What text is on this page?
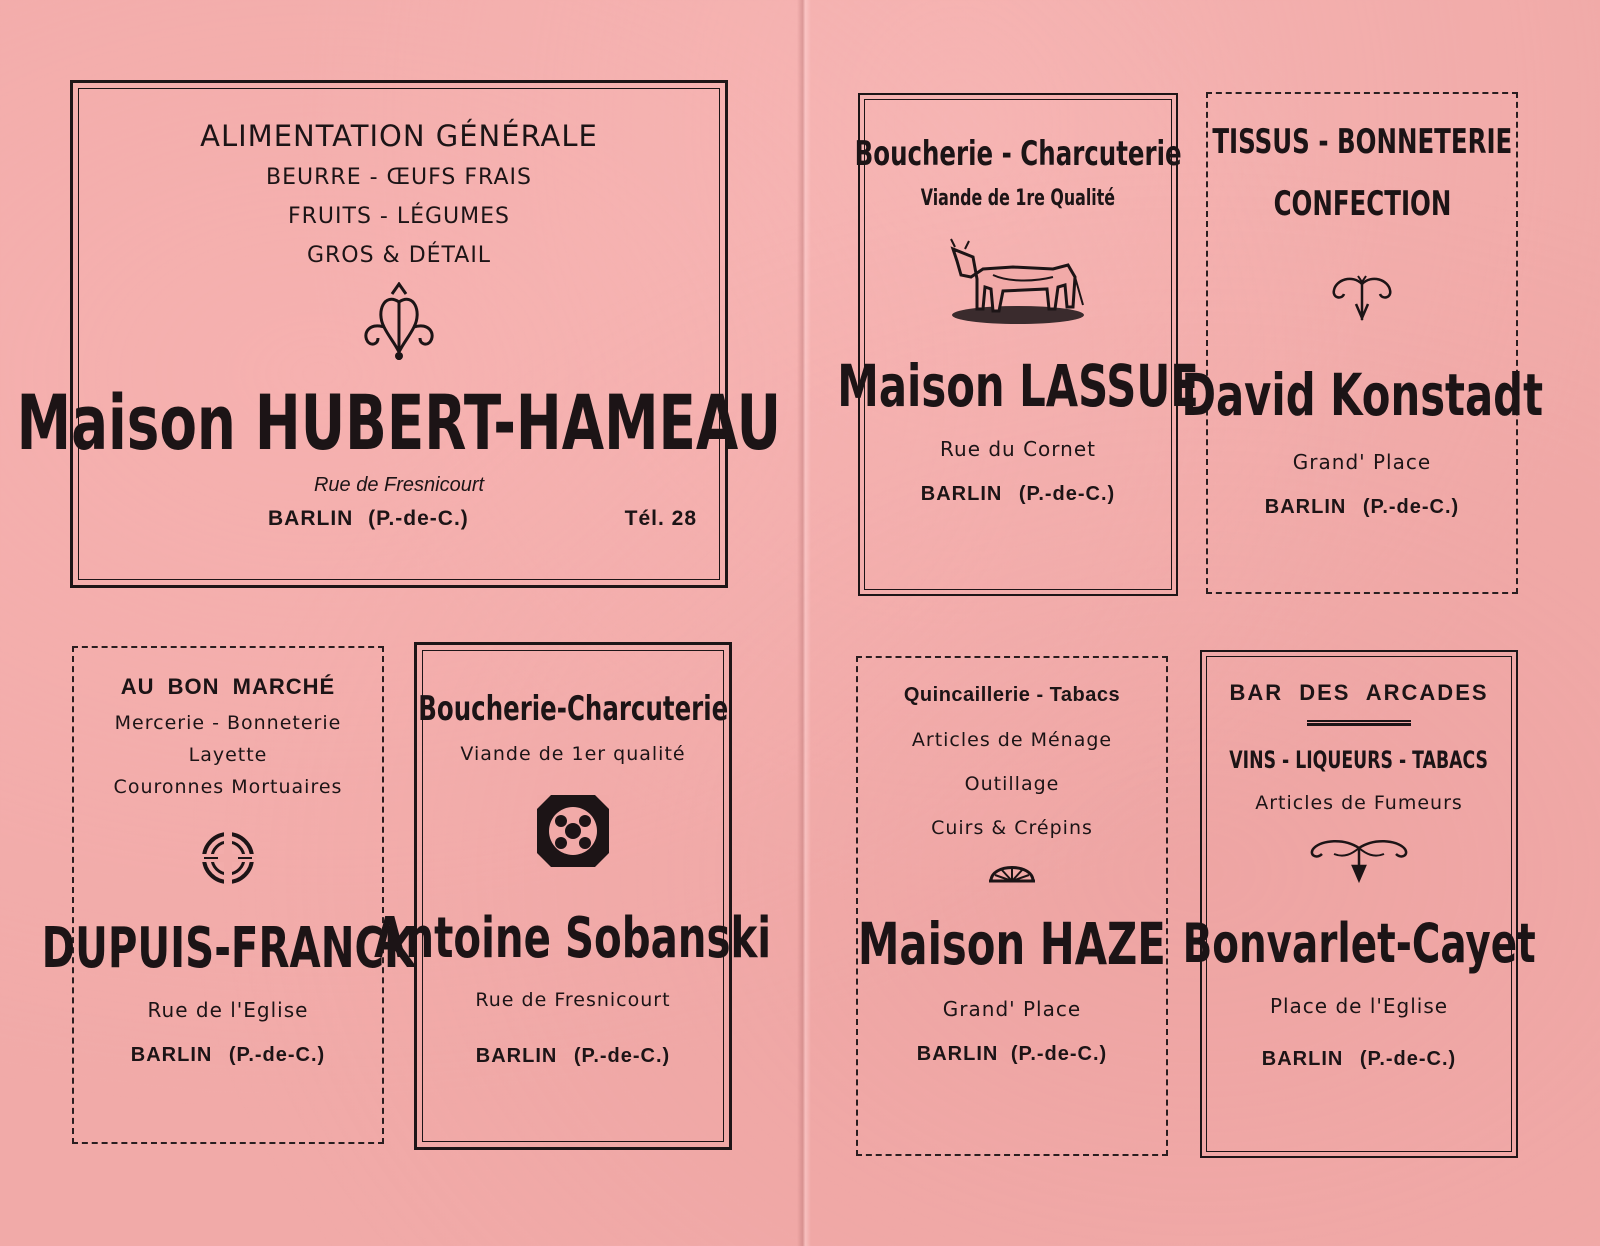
ALIMENTATION GÉNÉRALE
BEURRE - ŒUFS FRAIS
FRUITS - LÉGUMES
GROS & DÉTAIL
Maison HUBERT-HAMEAU
Rue de Fresnicourt
BARLIN (P.-de-C.)	Tél. 28
Boucherie - Charcuterie
Viande de 1re Qualité
Maison LASSUE
Rue du Cornet
BARLIN (P.-de-C.)
TISSUS - BONNETERIE
CONFECTION
David Konstadt
Grand' Place
BARLIN (P.-de-C.)
AU BON MARCHÉ
Mercerie - Bonneterie
Layette
Couronnes Mortuaires
DUPUIS-FRANCK
Rue de l'Eglise
BARLIN (P.-de-C.)
Boucherie-Charcuterie
Viande de 1er qualité
Antoine Sobanski
Rue de Fresnicourt
BARLIN (P.-de-C.)
Quincaillerie - Tabacs
Articles de Ménage
Outillage
Cuirs & Crépins
Maison HAZE
Grand' Place
BARLIN (P.-de-C.)
BAR DES ARCADES
VINS - LIQUEURS - TABACS
Articles de Fumeurs
Bonvarlet-Cayet
Place de l'Eglise
BARLIN (P.-de-C.)
